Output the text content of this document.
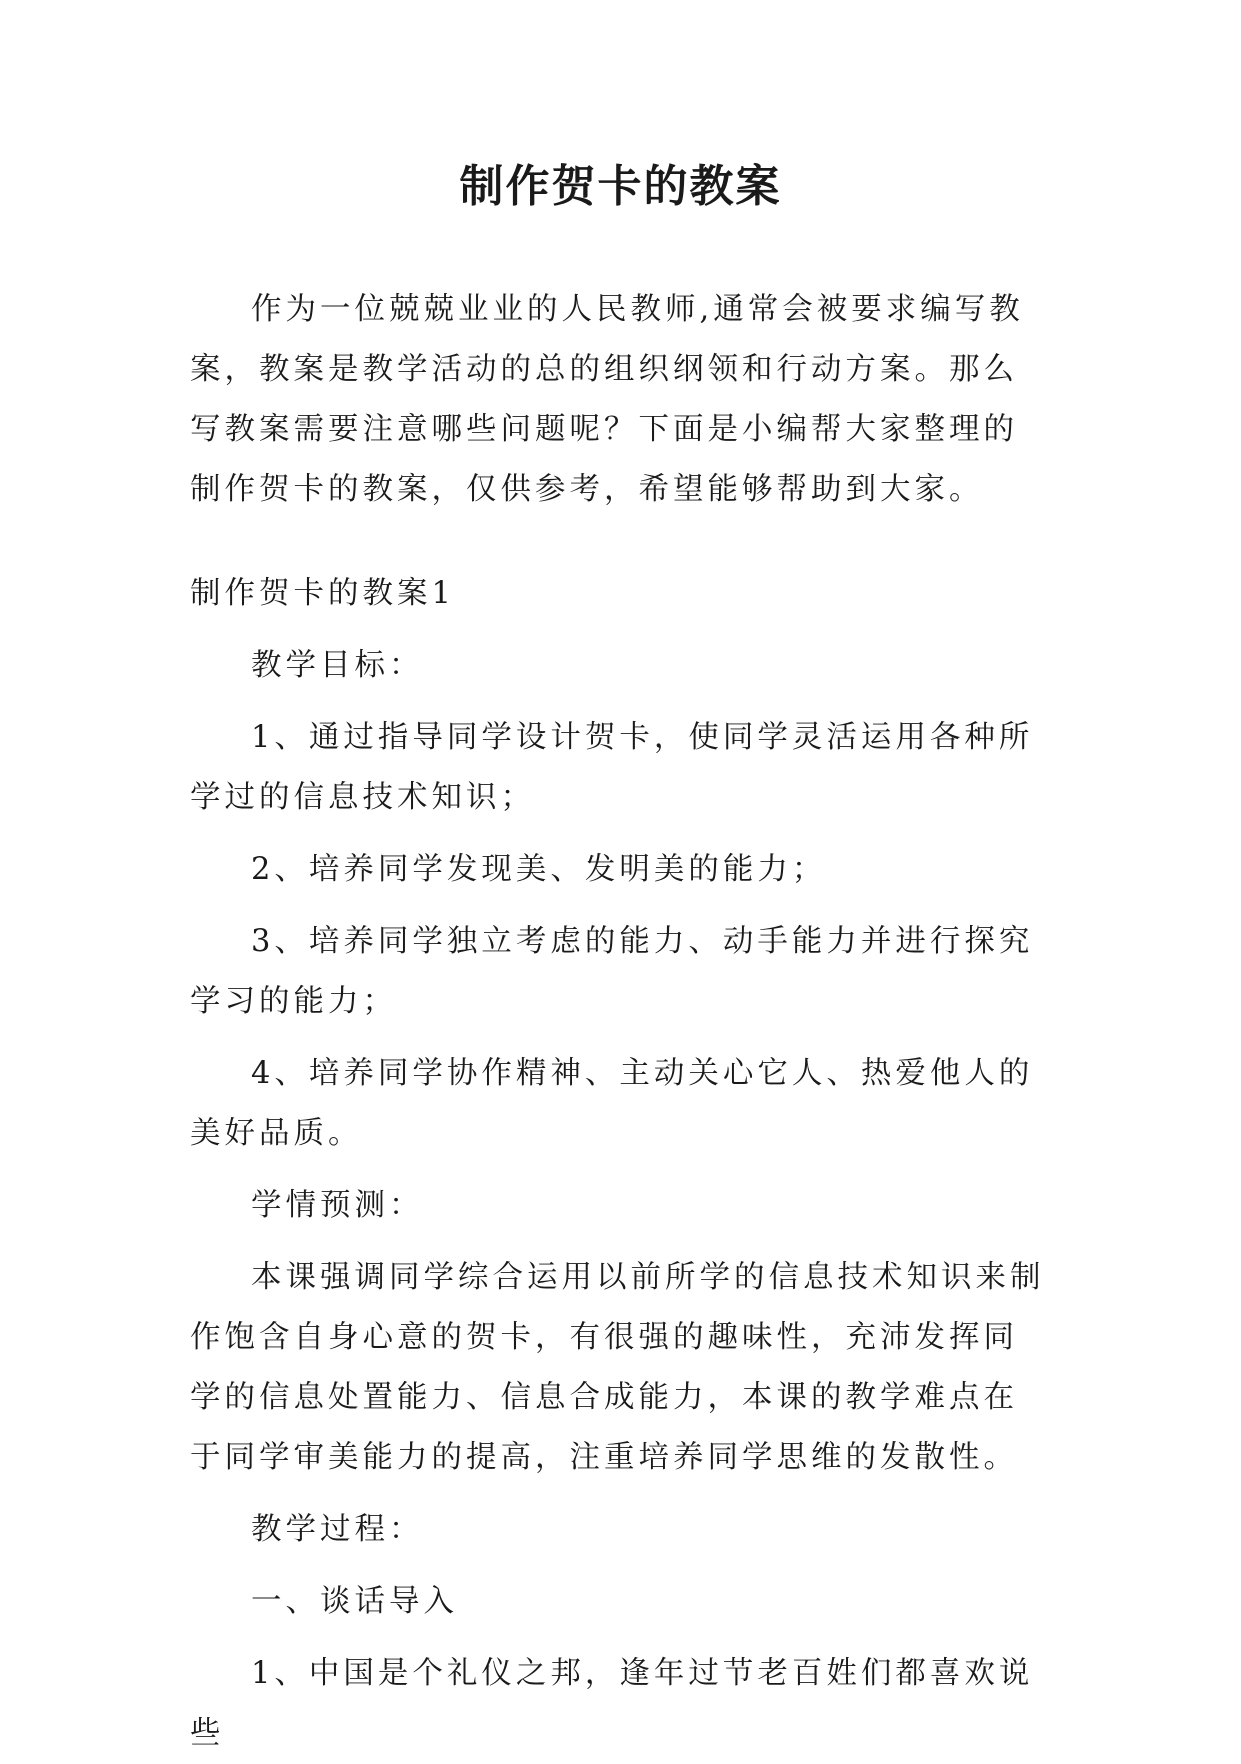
制作贺卡的教案

作为一位兢兢业业的人民教师,通常会被要求编写教案，教案是教学活动的总的组织纲领和行动方案。那么写教案需要注意哪些问题呢？下面是小编帮大家整理的制作贺卡的教案，仅供参考，希望能够帮助到大家。

制作贺卡的教案1

教学目标：

1、通过指导同学设计贺卡，使同学灵活运用各种所学过的信息技术知识；

2、培养同学发现美、发明美的能力；

3、培养同学独立考虑的能力、动手能力并进行探究学习的能力；

4、培养同学协作精神、主动关心它人、热爱他人的美好品质。

学情预测：

本课强调同学综合运用以前所学的信息技术知识来制作饱含自身心意的贺卡，有很强的趣味性，充沛发挥同学的信息处置能力、信息合成能力，本课的教学难点在于同学审美能力的提高，注重培养同学思维的发散性。

教学过程：

一、谈话导入

1、中国是个礼仪之邦，逢年过节老百姓们都喜欢说些
